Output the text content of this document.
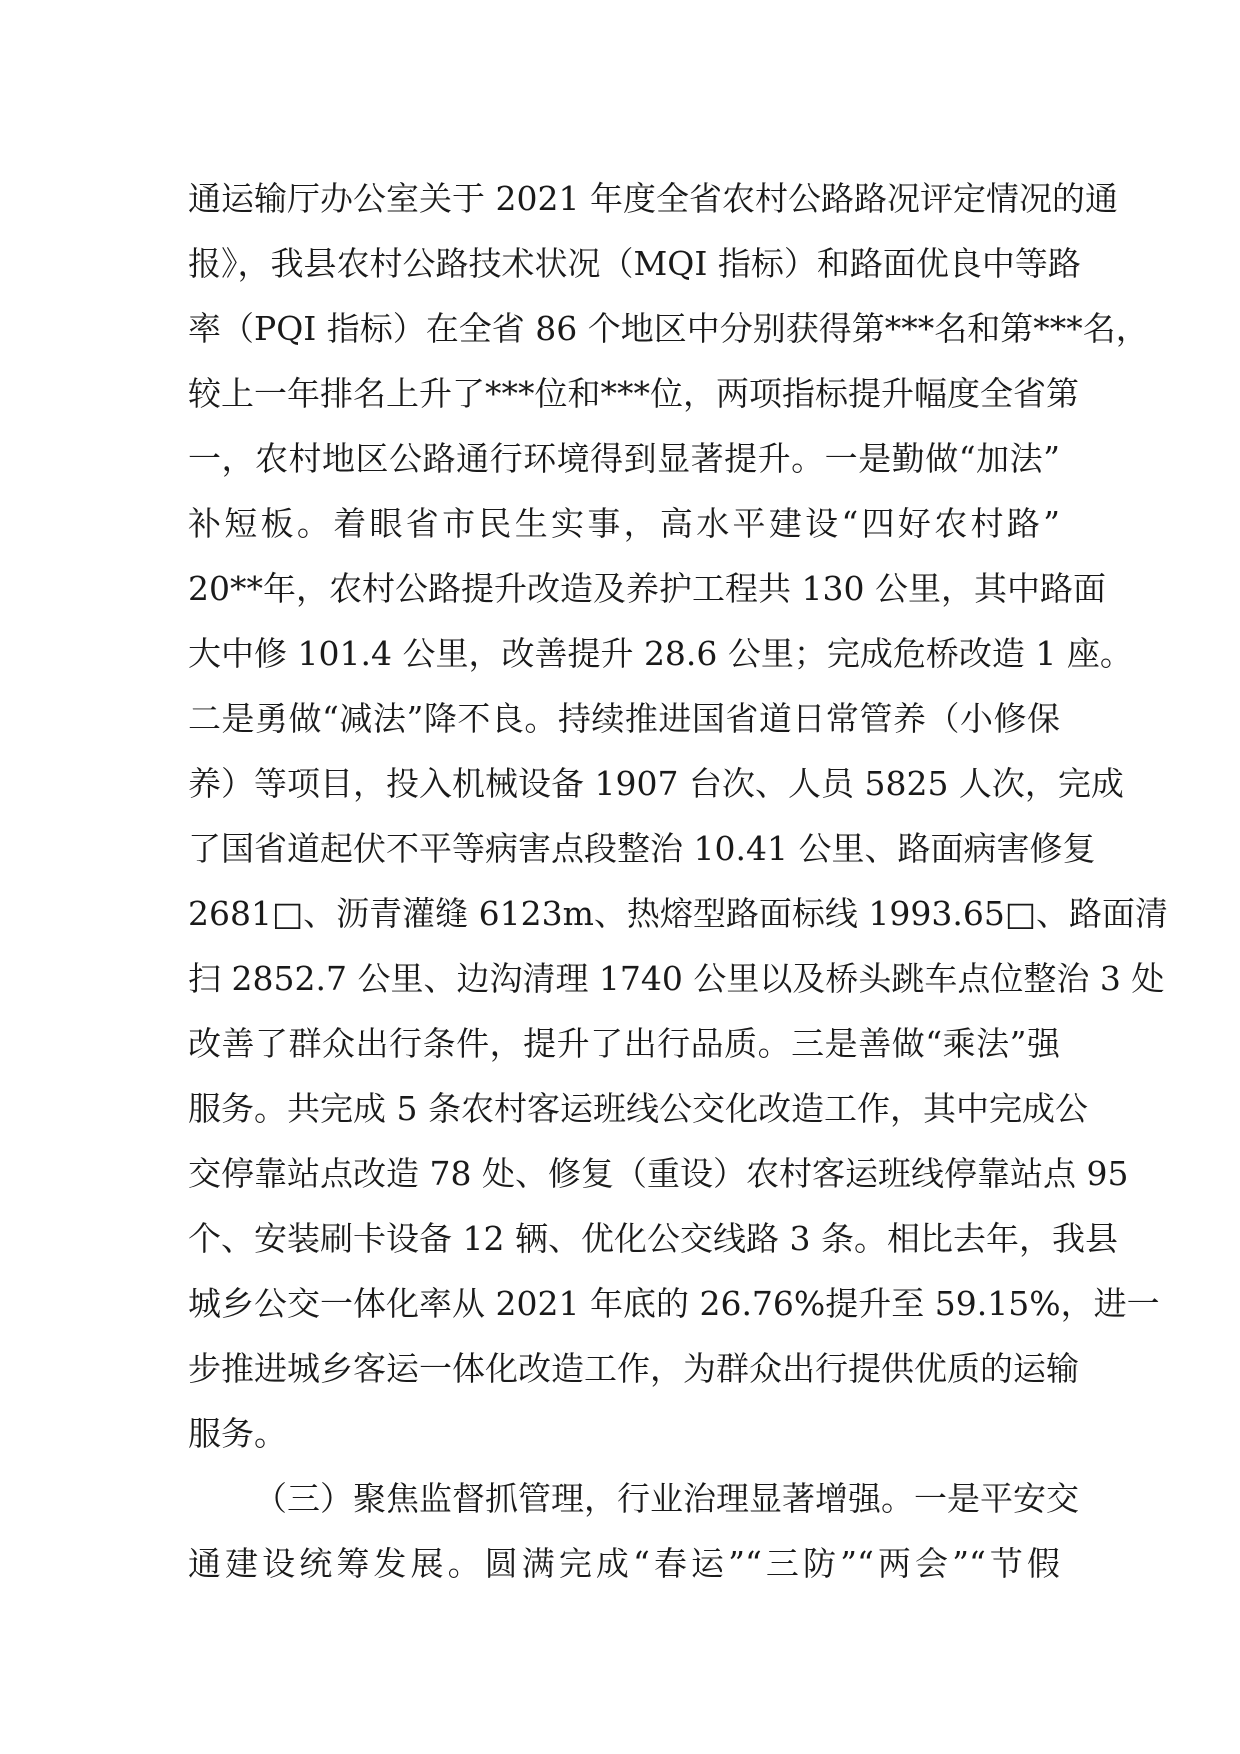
通运输厅办公室关于 2021 年度全省农村公路路况评定情况的通
报》，我县农村公路技术状况（MQI 指标）和路面优良中等路
率（PQI 指标）在全省 86 个地区中分别获得第***名和第***名，
较上一年排名上升了***位和***位，两项指标提升幅度全省第
一，农村地区公路通行环境得到显著提升。一是勤做“加法”
补短板。着眼省市民生实事，高水平建设“四好农村路”
20**年，农村公路提升改造及养护工程共 130 公里，其中路面
大中修 101.4 公里，改善提升 28.6 公里；完成危桥改造 1 座。
二是勇做“减法”降不良。持续推进国省道日常管养（小修保
养）等项目，投入机械设备 1907 台次、人员 5825 人次，完成
了国省道起伏不平等病害点段整治 10.41 公里、路面病害修复
2681□、沥青灌缝 6123m、热熔型路面标线 1993.65□、路面清
扫 2852.7 公里、边沟清理 1740 公里以及桥头跳车点位整治 3 处
改善了群众出行条件，提升了出行品质。三是善做“乘法”强
服务。共完成 5 条农村客运班线公交化改造工作，其中完成公
交停靠站点改造 78 处、修复（重设）农村客运班线停靠站点 95
个、安装刷卡设备 12 辆、优化公交线路 3 条。相比去年，我县
城乡公交一体化率从 2021 年底的 26.76%提升至 59.15%，进一
步推进城乡客运一体化改造工作，为群众出行提供优质的运输
服务。
（三）聚焦监督抓管理，行业治理显著增强。一是平安交
通建设统筹发展。圆满完成“春运”“三防”“两会”“节假
